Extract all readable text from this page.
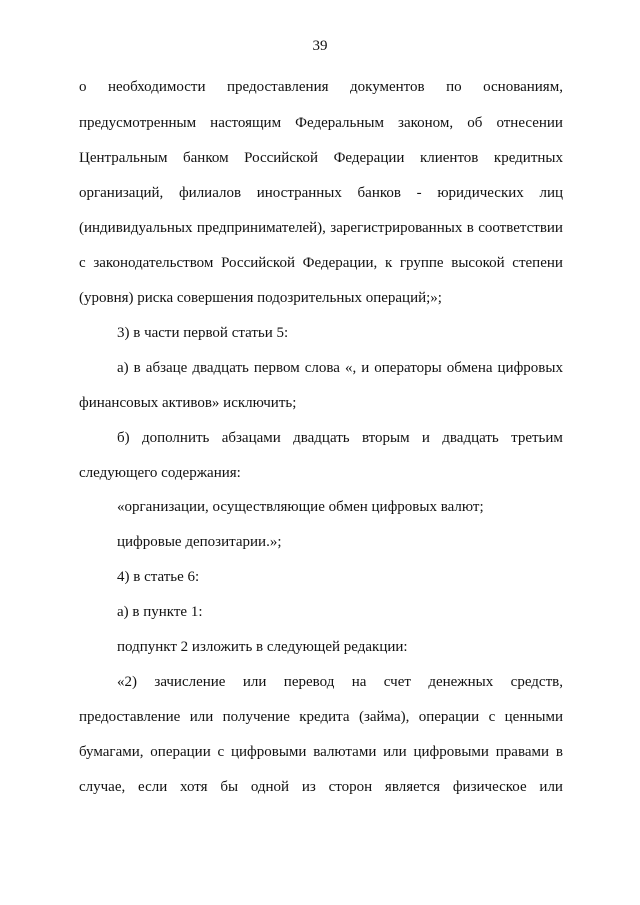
39
о необходимости предоставления документов по основаниям,
предусмотренным настоящим Федеральным законом, об отнесении
Центральным банком Российской Федерации клиентов кредитных
организаций, филиалов иностранных банков - юридических лиц
(индивидуальных предпринимателей), зарегистрированных в соответствии
с законодательством Российской Федерации, к группе высокой степени
(уровня) риска совершения подозрительных операций;»;
3) в части первой статьи 5:
а) в абзаце двадцать первом слова «, и операторы обмена цифровых
финансовых активов» исключить;
б) дополнить абзацами двадцать вторым и двадцать третьим
следующего содержания:
«организации, осуществляющие обмен цифровых валют;
цифровые депозитарии.»;
4) в статье 6:
а) в пункте 1:
подпункт 2 изложить в следующей редакции:
«2) зачисление или перевод на счет денежных средств,
предоставление или получение кредита (займа), операции с ценными
бумагами, операции с цифровыми валютами или цифровыми правами в
случае, если хотя бы одной из сторон является физическое или
